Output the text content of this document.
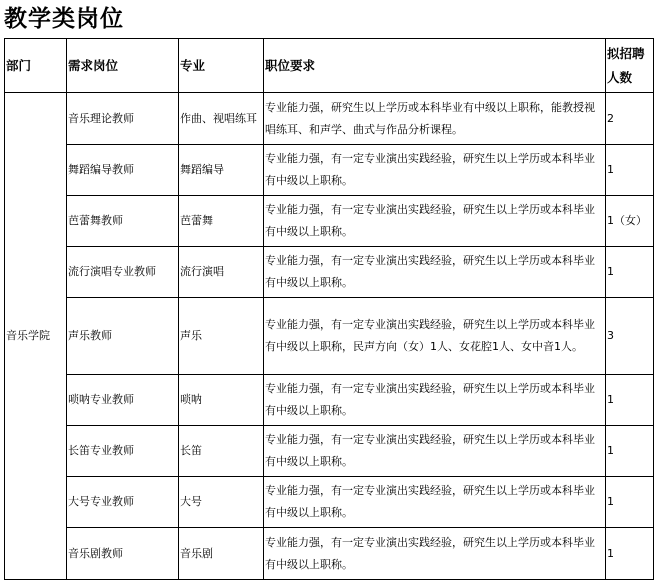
教学类岗位
部门	需求岗位	专业	职位要求	拟招聘人数
音乐学院	音乐理论教师	作曲、视唱练耳	专业能力强，研究生以上学历或本科毕业有中级以上职称，能教授视唱练耳、和声学、曲式与作品分析课程。	2
	舞蹈编导教师	舞蹈编导	专业能力强，有一定专业演出实践经验，研究生以上学历或本科毕业有中级以上职称。	1
	芭蕾舞教师	芭蕾舞	专业能力强，有一定专业演出实践经验，研究生以上学历或本科毕业有中级以上职称。	1（女）
	流行演唱专业教师	流行演唱	专业能力强，有一定专业演出实践经验，研究生以上学历或本科毕业有中级以上职称。	1
	声乐教师	声乐	专业能力强，有一定专业演出实践经验，研究生以上学历或本科毕业有中级以上职称，民声方向（女）1人、女花腔1人、女中音1人。	3
	唢呐专业教师	唢呐	专业能力强，有一定专业演出实践经验，研究生以上学历或本科毕业有中级以上职称。	1
	长笛专业教师	长笛	专业能力强，有一定专业演出实践经验，研究生以上学历或本科毕业有中级以上职称。	1
	大号专业教师	大号	专业能力强，有一定专业演出实践经验，研究生以上学历或本科毕业有中级以上职称。	1
	音乐剧教师	音乐剧	专业能力强，有一定专业演出实践经验，研究生以上学历或本科毕业有中级以上职称。	1
